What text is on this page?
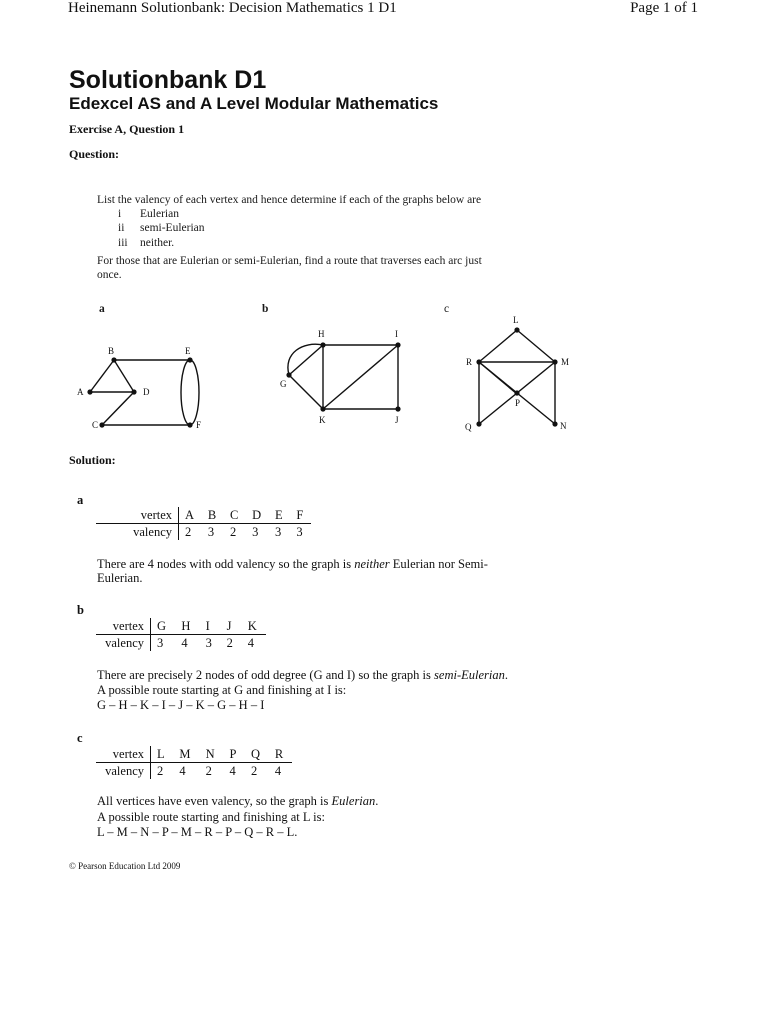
Heinemann Solutionbank: Decision Mathematics 1 D1	Page 1 of 1
Solutionbank D1
Edexcel AS and A Level Modular Mathematics
Exercise A, Question 1
Question:
List the valency of each vertex and hence determine if each of the graphs below are
i	Eulerian
ii	semi-Eulerian
iii	neither.
For those that are Eulerian or semi-Eulerian, find a route that traverses each arc just
once.
a	b	c
A
B
C
D
E
F
G
H	I
J
K
L
M
N
P
Q
R
Solution:
a
vertex	A	B	C	D	E	F
valency	2	3	2	3	3	3
There are 4 nodes with odd valency so the graph is neither Eulerian nor Semi-
Eulerian.
b
vertex	G	H	I	J	K
valency	3	4	3	2	4
There are precisely 2 nodes of odd degree (G and I) so the graph is semi-Eulerian.
A possible route starting at G and finishing at I is:
G – H – K – I – J – K – G – H – I
c
vertex	L	M	N	P	Q	R
valency	2	4	2	4	2	4
All vertices have even valency, so the graph is Eulerian.
A possible route starting and finishing at L is:
L – M – N – P – M – R – P – Q – R – L.
© Pearson Education Ltd 2009
